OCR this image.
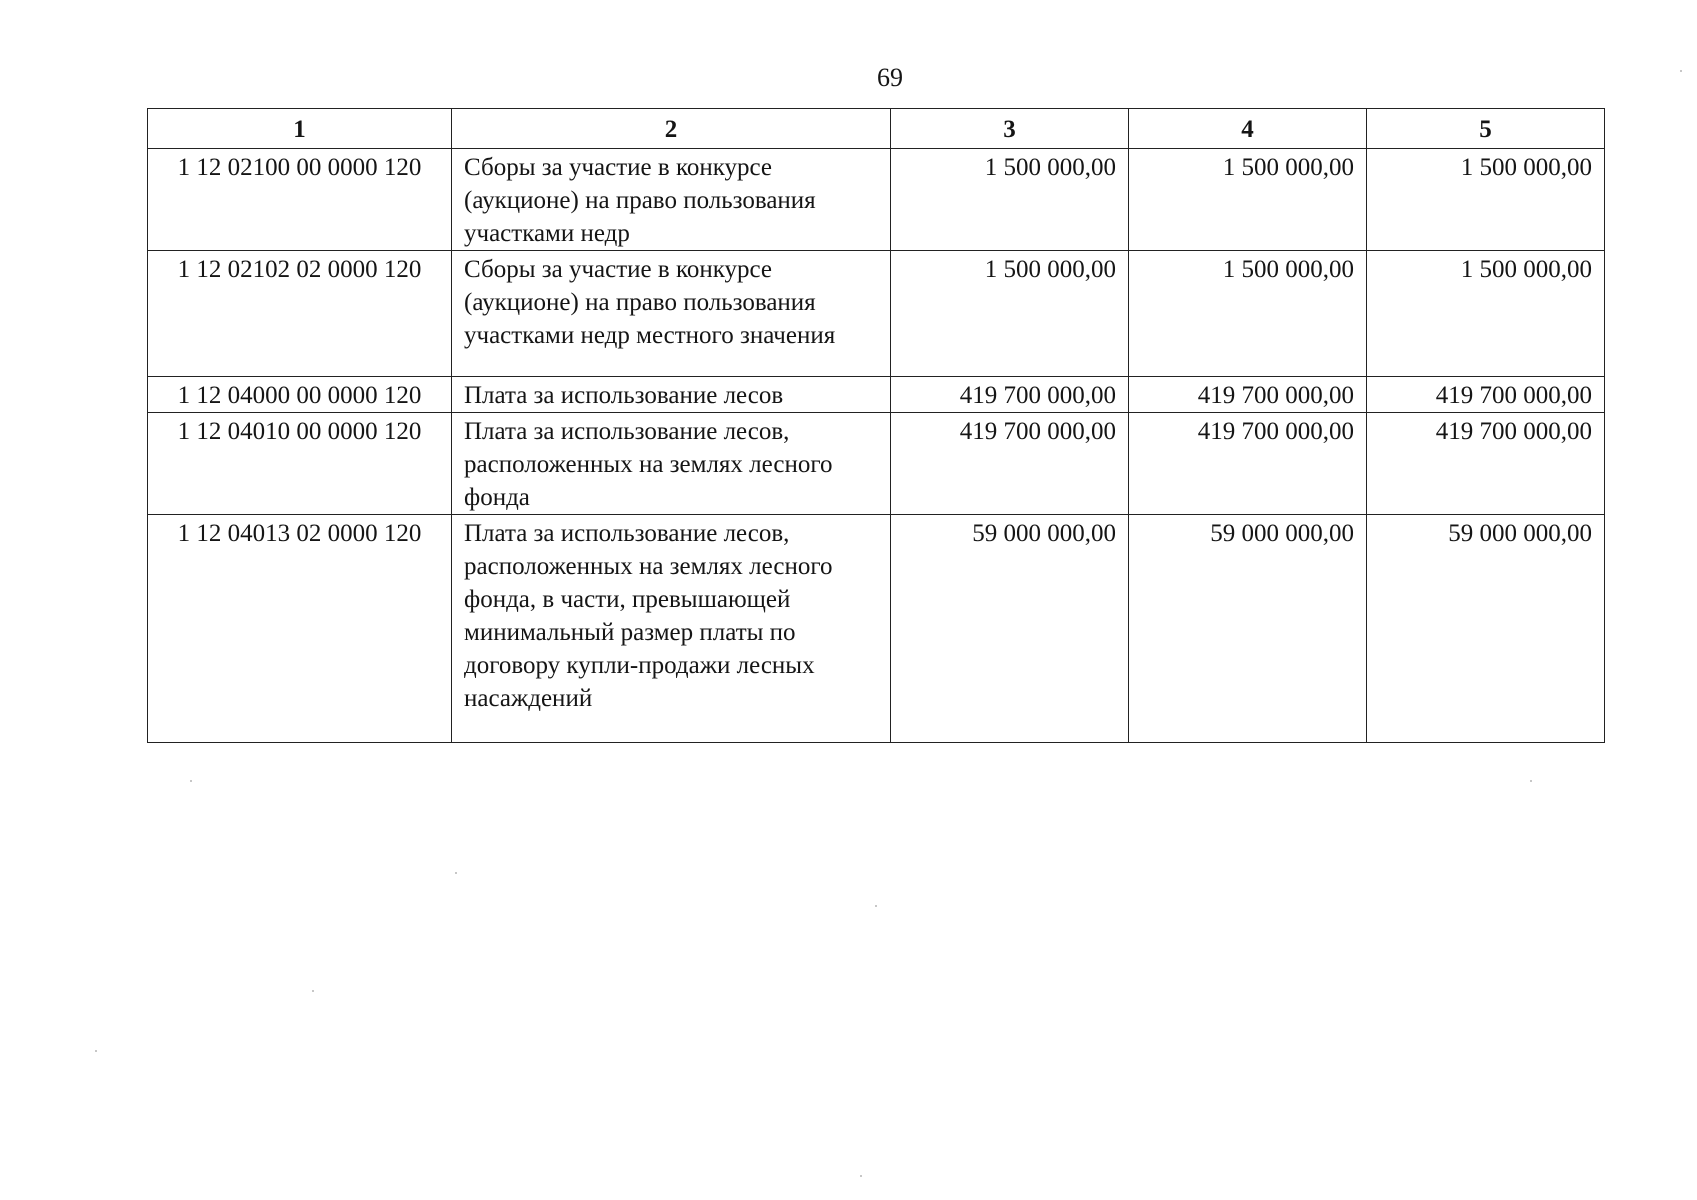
69
1	2	3	4	5
1 12 02100 00 0000 120	Сборы за участие в конкурсе (аукционе) на право пользования участками недр	1 500 000,00	1 500 000,00	1 500 000,00
1 12 02102 02 0000 120	Сборы за участие в конкурсе (аукционе) на право пользования участками недр местного значения	1 500 000,00	1 500 000,00	1 500 000,00
1 12 04000 00 0000 120	Плата за использование лесов	419 700 000,00	419 700 000,00	419 700 000,00
1 12 04010 00 0000 120	Плата за использование лесов, расположенных на землях лесного фонда	419 700 000,00	419 700 000,00	419 700 000,00
1 12 04013 02 0000 120	Плата за использование лесов, расположенных на землях лесного фонда, в части, превышающей минимальный размер платы по договору купли-продажи лесных насаждений	59 000 000,00	59 000 000,00	59 000 000,00
